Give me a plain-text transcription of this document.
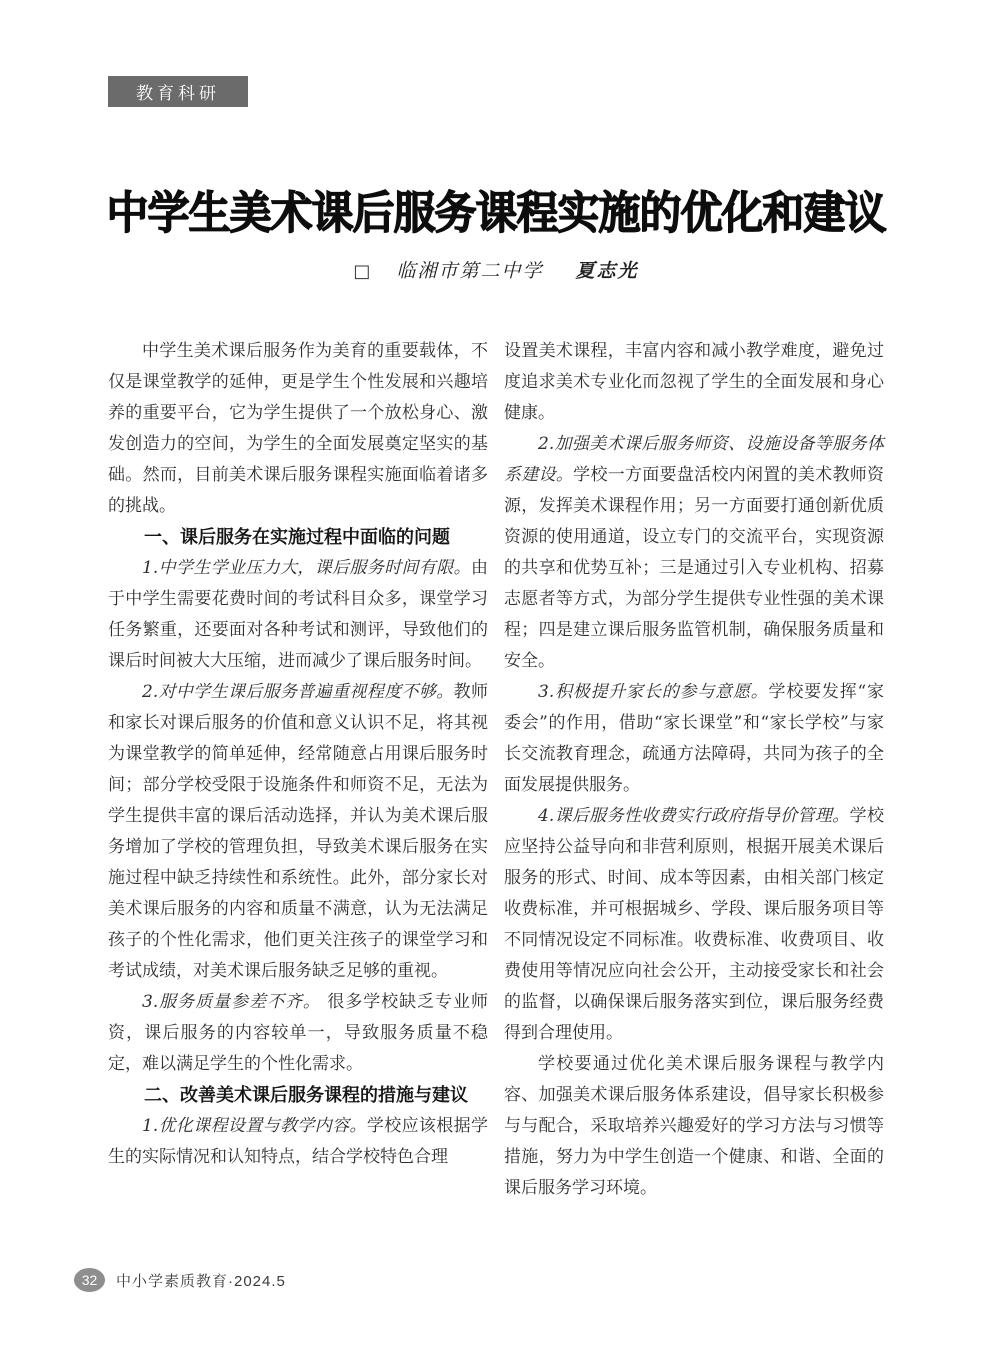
教育科研
中学生美术课后服务课程实施的优化和建议
□ 临湘市第二中学 夏志光
中学生美术课后服务作为美育的重要载体，不仅是课堂教学的延伸，更是学生个性发展和兴趣培养的重要平台，它为学生提供了一个放松身心、激发创造力的空间，为学生的全面发展奠定坚实的基础。然而，目前美术课后服务课程实施面临着诸多的挑战。
一、课后服务在实施过程中面临的问题
1.中学生学业压力大，课后服务时间有限。由于中学生需要花费时间的考试科目众多，课堂学习任务繁重，还要面对各种考试和测评，导致他们的课后时间被大大压缩，进而减少了课后服务时间。
2.对中学生课后服务普遍重视程度不够。教师和家长对课后服务的价值和意义认识不足，将其视为课堂教学的简单延伸，经常随意占用课后服务时间；部分学校受限于设施条件和师资不足，无法为学生提供丰富的课后活动选择，并认为美术课后服务增加了学校的管理负担，导致美术课后服务在实施过程中缺乏持续性和系统性。此外，部分家长对美术课后服务的内容和质量不满意，认为无法满足孩子的个性化需求，他们更关注孩子的课堂学习和考试成绩，对美术课后服务缺乏足够的重视。
3.服务质量参差不齐。 很多学校缺乏专业师资，课后服务的内容较单一，导致服务质量不稳定，难以满足学生的个性化需求。
二、改善美术课后服务课程的措施与建议
1.优化课程设置与教学内容。学校应该根据学生的实际情况和认知特点，结合学校特色合理
设置美术课程，丰富内容和减小教学难度，避免过度追求美术专业化而忽视了学生的全面发展和身心健康。
2.加强美术课后服务师资、设施设备等服务体系建设。学校一方面要盘活校内闲置的美术教师资源，发挥美术课程作用；另一方面要打通创新优质资源的使用通道，设立专门的交流平台，实现资源的共享和优势互补；三是通过引入专业机构、招募志愿者等方式，为部分学生提供专业性强的美术课程；四是建立课后服务监管机制，确保服务质量和安全。
3.积极提升家长的参与意愿。学校要发挥“家委会”的作用，借助“家长课堂”和“家长学校”与家长交流教育理念，疏通方法障碍，共同为孩子的全面发展提供服务。
4.课后服务性收费实行政府指导价管理。学校应坚持公益导向和非营利原则，根据开展美术课后服务的形式、时间、成本等因素，由相关部门核定收费标准，并可根据城乡、学段、课后服务项目等不同情况设定不同标准。收费标准、收费项目、收费使用等情况应向社会公开，主动接受家长和社会的监督，以确保课后服务落实到位，课后服务经费得到合理使用。
学校要通过优化美术课后服务课程与教学内容、加强美术课后服务体系建设，倡导家长积极参与与配合，采取培养兴趣爱好的学习方法与习惯等措施，努力为中学生创造一个健康、和谐、全面的课后服务学习环境。
32	中小学素质教育·2024.5
